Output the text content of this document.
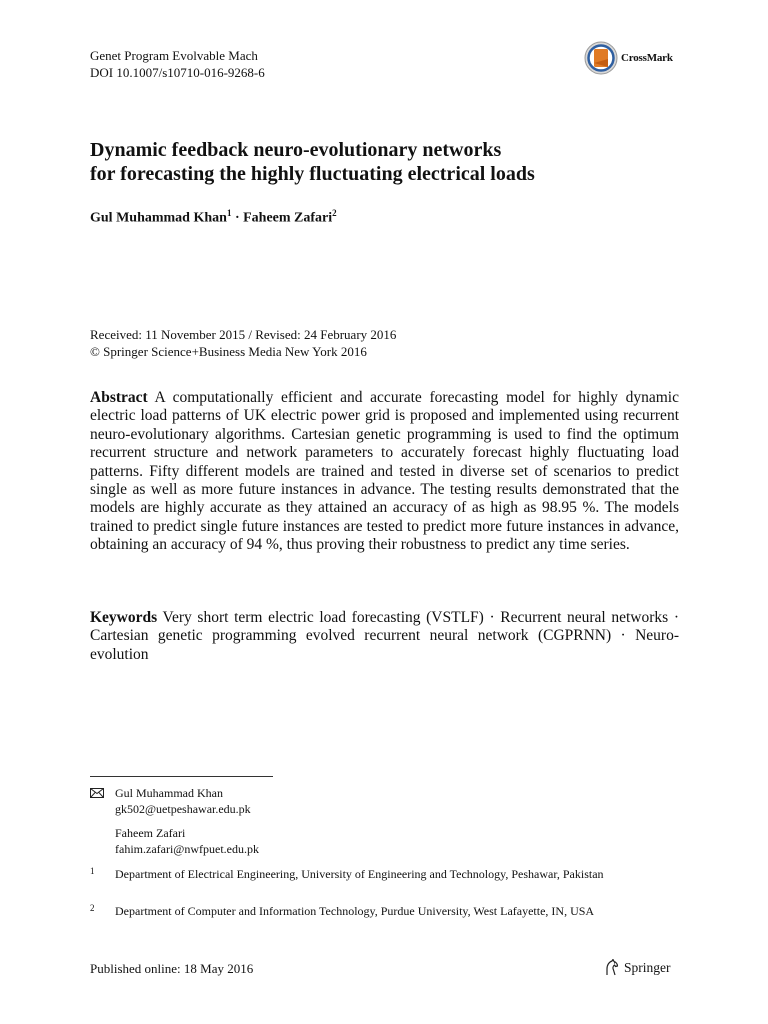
Genet Program Evolvable Mach
DOI 10.1007/s10710-016-9268-6
CrossMark
Dynamic feedback neuro-evolutionary networks
for forecasting the highly fluctuating electrical loads
Gul Muhammad Khan$^1$ · Faheem Zafari$^2$
Received: 11 November 2015 / Revised: 24 February 2016
© Springer Science+Business Media New York 2016
Abstract A computationally efficient and accurate forecasting model for highly dynamic electric load patterns of UK electric power grid is proposed and implemented using recurrent neuro-evolutionary algorithms. Cartesian genetic programming is used to find the optimum recurrent structure and network parameters to accurately forecast highly fluctuating load patterns. Fifty different models are trained and tested in diverse set of scenarios to predict single as well as more future instances in advance. The testing results demonstrated that the models are highly accurate as they attained an accuracy of as high as 98.95 %. The models trained to predict single future instances are tested to predict more future instances in advance, obtaining an accuracy of 94 %, thus proving their robustness to predict any time series.
Keywords Very short term electric load forecasting (VSTLF) · Recurrent neural networks · Cartesian genetic programming evolved recurrent neural network (CGPRNN) · Neuro-evolution
Gul Muhammad Khan
gk502@uetpeshawar.edu.pk
Faheem Zafari
fahim.zafari@nwfpuet.edu.pk
1 Department of Electrical Engineering, University of Engineering and Technology, Peshawar, Pakistan
2 Department of Computer and Information Technology, Purdue University, West Lafayette, IN, USA
Published online: 18 May 2016	Springer
